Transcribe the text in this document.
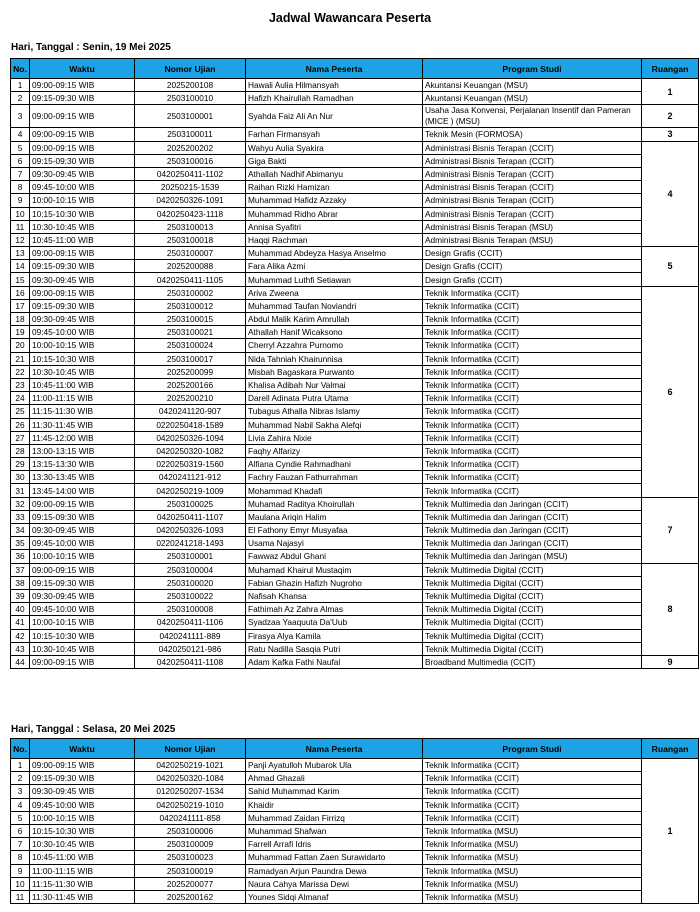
Jadwal Wawancara Peserta
Hari, Tanggal : Senin, 19 Mei 2025
No.	Waktu	Nomor Ujian	Nama Peserta	Program Studi	Ruangan
1	09:00-09:15 WIB	2025200108	Hawali Aulia Hilmansyah	Akuntansi Keuangan (MSU)	1
2	09:15-09:30 WIB	2503100010	Hafizh Khairullah Ramadhan	Akuntansi Keuangan (MSU)	
3	09:00-09:15 WIB	2503100001	Syahda Faiz Ali An Nur	Usaha Jasa Konvensi, Perjalanan Insentif dan Pameran (MICE ) (MSU)	2
4	09:00-09:15 WIB	2503100011	Farhan Firmansyah	Teknik Mesin (FORMOSA)	3
5	09:00-09:15 WIB	2025200202	Wahyu Aulia Syakira	Administrasi Bisnis Terapan (CCIT)	4
6	09:15-09:30 WIB	2503100016	Giga Bakti	Administrasi Bisnis Terapan (CCIT)	
7	09:30-09:45 WIB	0420250411-1102	Athallah Nadhif Abimanyu	Administrasi Bisnis Terapan (CCIT)	
8	09:45-10:00 WIB	20250215-1539	Raihan Rizki Hamizan	Administrasi Bisnis Terapan (CCIT)	
9	10:00-10:15 WIB	0420250326-1091	Muhammad Hafidz Azzaky	Administrasi Bisnis Terapan (CCIT)	
10	10:15-10:30 WIB	0420250423-1118	Muhammad Ridho Abrar	Administrasi Bisnis Terapan (CCIT)	
11	10:30-10:45 WIB	2503100013	Annisa Syafitri	Administrasi Bisnis Terapan (MSU)	
12	10:45-11:00 WIB	2503100018	Haqqi Rachman	Administrasi Bisnis Terapan (MSU)	
13	09:00-09:15 WIB	2503100007	Muhammad Abdeyza Hasya Anselmo	Design Grafis (CCIT)	5
14	09:15-09:30 WIB	2025200088	Fara Alika Azmi	Design Grafis (CCIT)	
15	09:30-09:45 WIB	0420250411-1105	Muhammad Luthfi Setiawan	Design Grafis (CCIT)	
16	09:00-09:15 WIB	2503100002	Ariva Zweena	Teknik Informatika (CCIT)	6
17	09:15-09:30 WIB	2503100012	Muhammad Taufan Noviandri	Teknik Informatika (CCIT)	
18	09:30-09:45 WIB	2503100015	Abdul Malik Karim Amrullah	Teknik Informatika (CCIT)	
19	09:45-10:00 WIB	2503100021	Athallah Hanif Wicaksono	Teknik Informatika (CCIT)	
20	10:00-10:15 WIB	2503100024	Cherryl Azzahra Purnomo	Teknik Informatika (CCIT)	
21	10:15-10:30 WIB	2503100017	Nida Tahniah Khairunnisa	Teknik Informatika (CCIT)	
22	10:30-10:45 WIB	2025200099	Misbah Bagaskara Purwanto	Teknik Informatika (CCIT)	
23	10:45-11:00 WIB	2025200166	Khalisa Adibah Nur Valmai	Teknik Informatika (CCIT)	
24	11:00-11:15 WIB	2025200210	Darell Adinata Putra Utama	Teknik Informatika (CCIT)	
25	11:15-11:30 WIB	0420241120-907	Tubagus Athalla Nibras Islamy	Teknik Informatika (CCIT)	
26	11:30-11:45 WIB	0220250418-1589	Muhammad Nabil Sakha Alefqi	Teknik Informatika (CCIT)	
27	11:45-12:00 WIB	0420250326-1094	Livia Zahira Nixie	Teknik Informatika (CCIT)	
28	13:00-13:15 WIB	0420250320-1082	Faqhy Alfarizy	Teknik Informatika (CCIT)	
29	13:15-13:30 WIB	0220250319-1560	Alfiana Cyndie Rahmadhani	Teknik Informatika (CCIT)	
30	13:30-13:45 WIB	0420241121-912	Fachry Fauzan Fathurrahman	Teknik Informatika (CCIT)	
31	13:45-14:00 WIB	0420250219-1009	Mohammad Khadafi	Teknik Informatika (CCIT)	
32	09:00-09:15 WIB	2503100025	Muhamad Raditya Khoirullah	Teknik Multimedia dan Jaringan (CCIT)	7
33	09:15-09:30 WIB	0420250411-1107	Maulana Ariqin Halim	Teknik Multimedia dan Jaringan (CCIT)	
34	09:30-09:45 WIB	0420250326-1093	El Fathony Emyr Musyafaa	Teknik Multimedia dan Jaringan (CCIT)	
35	09:45-10:00 WIB	0220241218-1493	Usama Najasyi	Teknik Multimedia dan Jaringan (CCIT)	
36	10:00-10:15 WIB	2503100001	Fawwaz Abdul Ghani	Teknik Multimedia dan Jaringan (MSU)	
37	09:00-09:15 WIB	2503100004	Muhamad Khairul Mustaqim	Teknik Multimedia Digital (CCIT)	8
38	09:15-09:30 WIB	2503100020	Fabian Ghazin Hafizh Nugroho	Teknik Multimedia Digital (CCIT)	
39	09:30-09:45 WIB	2503100022	Nafisah Khansa	Teknik Multimedia Digital (CCIT)	
40	09:45-10:00 WIB	2503100008	Fathimah Az Zahra Almas	Teknik Multimedia Digital (CCIT)	
41	10:00-10:15 WIB	0420250411-1106	Syadzaa Yaaquuta Da'Uub	Teknik Multimedia Digital (CCIT)	
42	10:15-10:30 WIB	0420241111-889	Firasya Alya Kamila	Teknik Multimedia Digital (CCIT)	
43	10:30-10:45 WIB	0420250121-986	Ratu Nadilla Sasqia Putri	Teknik Multimedia Digital (CCIT)	
44	09:00-09:15 WIB	0420250411-1108	Adam Kafka Fathi Naufal	Broadband Multimedia (CCIT)	9
Hari, Tanggal : Selasa, 20 Mei 2025
No.	Waktu	Nomor Ujian	Nama Peserta	Program Studi	Ruangan
1	09:00-09:15 WIB	0420250219-1021	Panji Ayatulloh Mubarok Ula	Teknik Informatika (CCIT)	1
2	09:15-09:30 WIB	0420250320-1084	Ahmad Ghazali	Teknik Informatika (CCIT)	
3	09:30-09:45 WIB	0120250207-1534	Sahid Muhammad Karim	Teknik Informatika (CCIT)	
4	09:45-10:00 WIB	0420250219-1010	Khaidir	Teknik Informatika (CCIT)	
5	10:00-10:15 WIB	0420241111-858	Muhammad Zaidan Firrizq	Teknik Informatika (CCIT)	
6	10:15-10:30 WIB	2503100006	Muhammad Shafwan	Teknik Informatika (MSU)	
7	10:30-10:45 WIB	2503100009	Farrell Arrafi Idris	Teknik Informatika (MSU)	
8	10:45-11:00 WIB	2503100023	Muhammad Fattan Zaen Surawidarto	Teknik Informatika (MSU)	
9	11:00-11:15 WIB	2503100019	Ramadyan Arjun Paundra Dewa	Teknik Informatika (MSU)	
10	11:15-11:30 WIB	2025200077	Naura Cahya Marissa Dewi	Teknik Informatika (MSU)	
11	11:30-11:45 WIB	2025200162	Younes Sidqi Almanaf	Teknik Informatika (MSU)	
